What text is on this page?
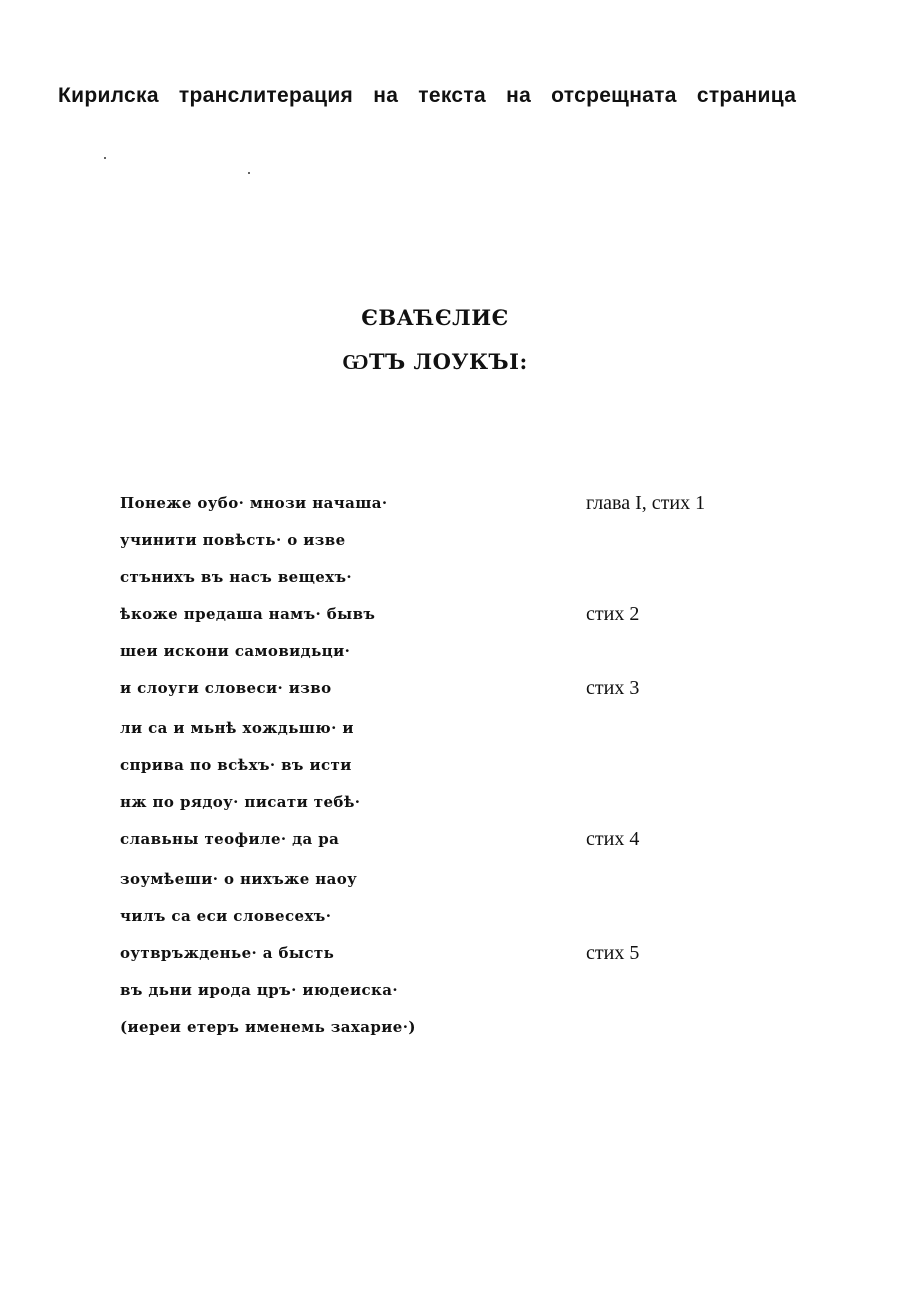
Кирилска транслитерация на текста на отсрещната страница
ЄВАЋЄЛИЄ
ѠТЪ ЛОУКЪІ:
Понеже оубо· мнози начаша·	глава I, стих 1
учинити повѣсть· о изве
стънихъ въ насъ вещехъ·
ѣкоже предаша намъ· бывъ	стих 2
шеи искони самовидьци·
и слоуги словеси· изво	стих 3
ли са и мьнѣ хождьшю· и
сприва по всѣхъ· въ исти
нж по рядоу· писати тебѣ·
славьны теофиле· да ра	стих 4
зоумѣеши· о нихъже наоу
чилъ са еси словесехъ·
оутвръжденье· а бысть	стих 5
въ дьни ирода цръ· июдеиска·
(иереи етеръ именемь захарие·)
